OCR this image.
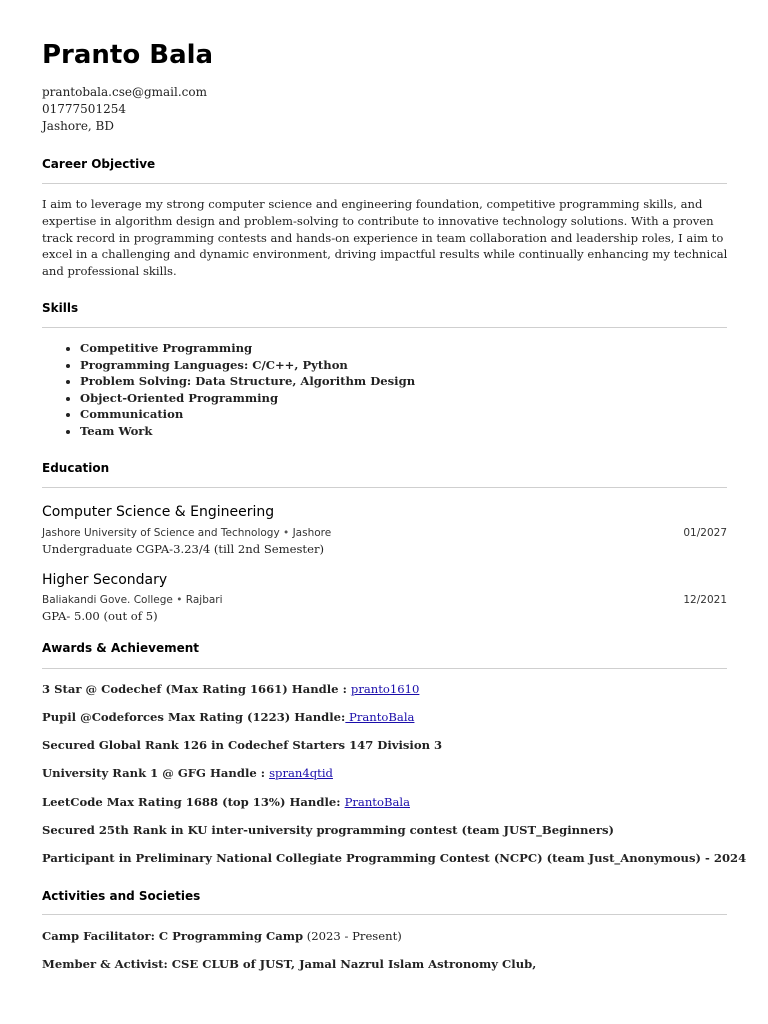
Pranto Bala
prantobala.cse@gmail.com
01777501254
Jashore, BD
Career Objective
I aim to leverage my strong computer science and engineering foundation, competitive programming skills, and expertise in algorithm design and problem-solving to contribute to innovative technology solutions. With a proven track record in programming contests and hands-on experience in team collaboration and leadership roles, I aim to excel in a challenging and dynamic environment, driving impactful results while continually enhancing my technical and professional skills.
Skills
• Competitive Programming
• Programming Languages: C/C++, Python
• Problem Solving: Data Structure, Algorithm Design
• Object-Oriented Programming
• Communication
• Team Work
Education
Computer Science & Engineering
Jashore University of Science and Technology • Jashore	01/2027
Undergraduate CGPA-3.23/4 (till 2nd Semester)
Higher Secondary
Baliakandi Gove. College • Rajbari	12/2021
GPA- 5.00 (out of 5)
Awards & Achievement
3 Star @ Codechef (Max Rating 1661) Handle : pranto1610
Pupil @Codeforces Max Rating (1223) Handle: PrantoBala
Secured Global Rank 126 in Codechef Starters 147 Division 3
University Rank 1 @ GFG Handle : spran4qtid
LeetCode Max Rating 1688 (top 13%) Handle: PrantoBala
Secured 25th Rank in KU inter-university programming contest (team JUST_Beginners)
Participant in Preliminary National Collegiate Programming Contest (NCPC) (team Just_Anonymous) - 2024
Activities and Societies
Camp Facilitator: C Programming Camp (2023 - Present)
Member & Activist: CSE CLUB of JUST, Jamal Nazrul Islam Astronomy Club,
